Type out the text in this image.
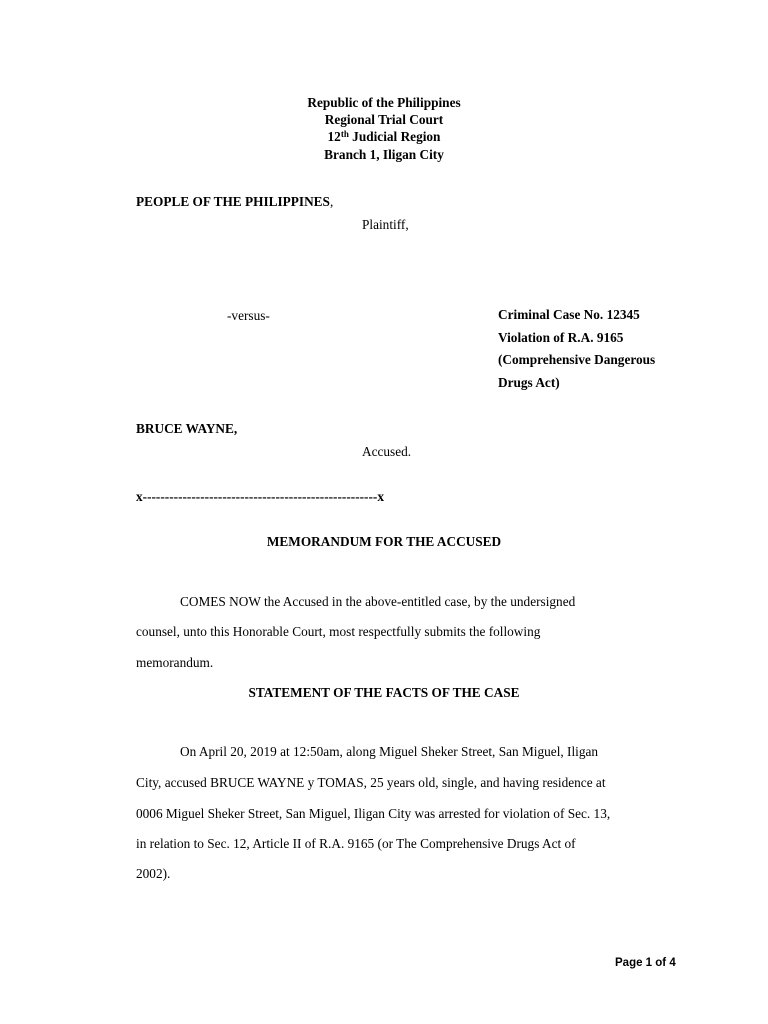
Republic of the Philippines
Regional Trial Court
12th Judicial Region
Branch 1, Iligan City
PEOPLE OF THE PHILIPPINES,
Plaintiff,
-versus-	Criminal Case No. 12345
Violation of R.A. 9165
(Comprehensive Dangerous
Drugs Act)
BRUCE WAYNE,
Accused.
x-----------------------------------------------------x
MEMORANDUM FOR THE ACCUSED
COMES NOW the Accused in the above-entitled case, by the undersigned
counsel, unto this Honorable Court, most respectfully submits the following
memorandum.
STATEMENT OF THE FACTS OF THE CASE
On April 20, 2019 at 12:50am, along Miguel Sheker Street, San Miguel, Iligan
City, accused BRUCE WAYNE y TOMAS, 25 years old, single, and having residence at
0006 Miguel Sheker Street, San Miguel, Iligan City was arrested for violation of Sec. 13,
in relation to Sec. 12, Article II of R.A. 9165 (or The Comprehensive Drugs Act of
2002).
Page 1 of 4
